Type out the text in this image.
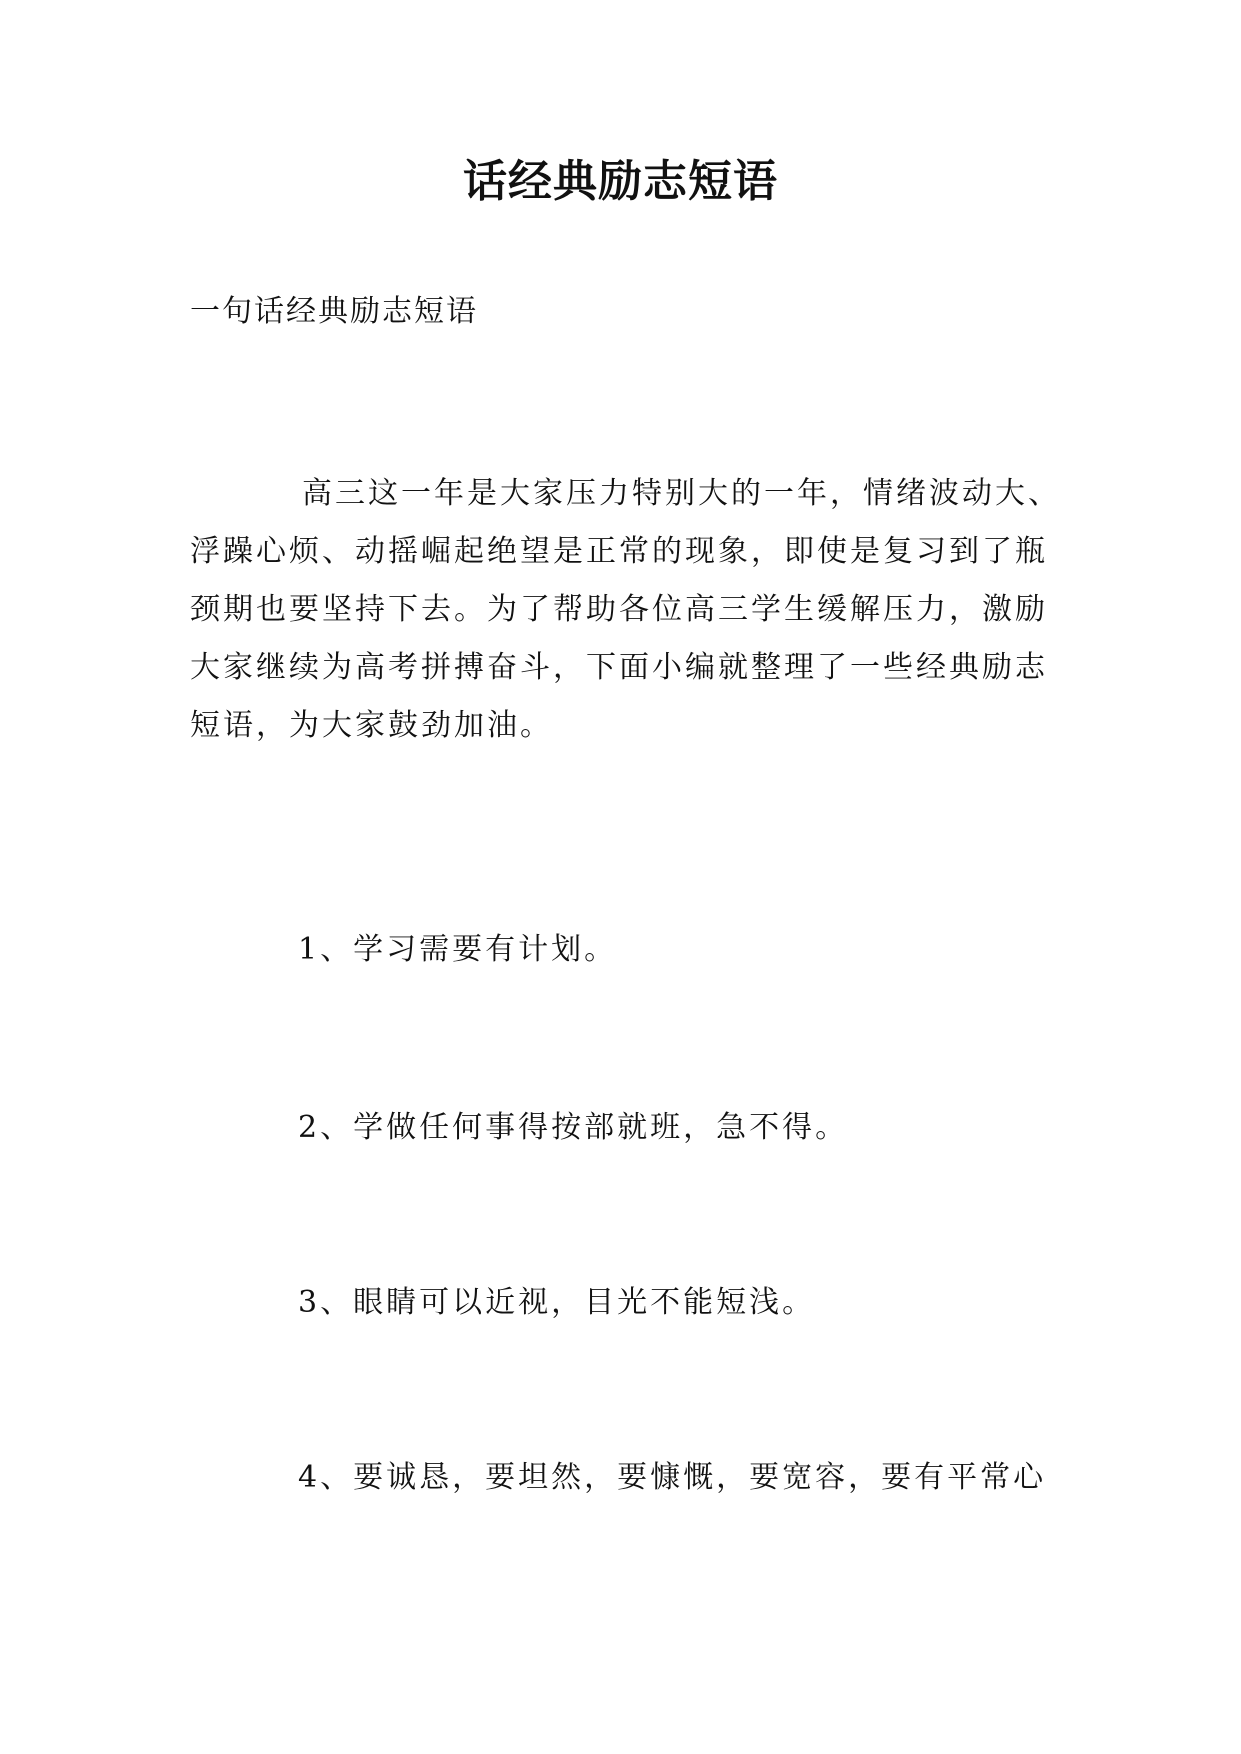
话经典励志短语

一句话经典励志短语

高三这一年是大家压力特别大的一年，情绪波动大、浮躁心烦、动摇崛起绝望是正常的现象，即使是复习到了瓶颈期也要坚持下去。为了帮助各位高三学生缓解压力，激励大家继续为高考拼搏奋斗，下面小编就整理了一些经典励志短语，为大家鼓劲加油。

1、学习需要有计划。

2、学做任何事得按部就班，急不得。

3、眼睛可以近视，目光不能短浅。

4、要诚恳，要坦然，要慷慨，要宽容，要有平常心
